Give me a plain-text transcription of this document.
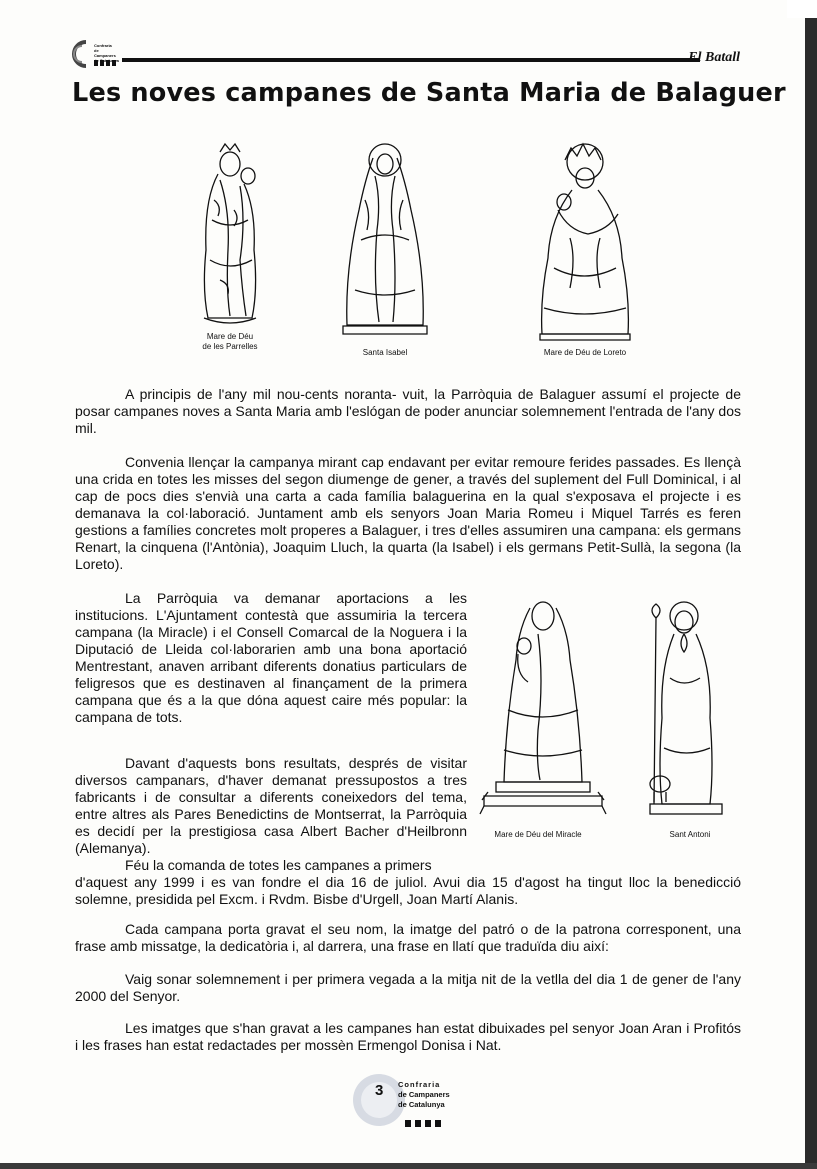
Confraria
de Campaners
de Catalunya	El Batall
Les noves campanes de Santa Maria de Balaguer
Mare de Déu
de les Parrelles
Santa Isabel	Mare de Déu de Loreto
A principis de l'any mil nou-cents noranta- vuit, la Parròquia de Balaguer assumí el projecte de posar campanes noves a Santa Maria amb l'eslógan de poder anunciar solemnement l'entrada de l'any dos mil.
Convenia llençar la campanya mirant cap endavant per evitar remoure ferides passades. Es llençà una crida en totes les misses del segon diumenge de gener, a través del suplement del Full Dominical, i al cap de pocs dies s'envià una carta a cada família balaguerina en la qual s'exposava el projecte i es demanava la col·laboració. Juntament amb els senyors Joan Maria Romeu i Miquel Tarrés es feren gestions a famílies concretes molt properes a Balaguer, i tres d'elles assumiren una campana: els germans Renart, la cinquena (l'Antònia), Joaquim Lluch, la quarta (la Isabel) i els germans Petit-Sullà, la segona (la Loreto).
La Parròquia va demanar aportacions a les institucions. L'Ajuntament contestà que assumiria la tercera campana (la Miracle) i el Consell Comarcal de la Noguera i la Diputació de Lleida col·laborarien amb una bona aportació Mentrestant, anaven arribant diferents donatius particulars de feligresos que es destinaven al finançament de la primera campana que és a la que dóna aquest caire més popular: la campana de tots.
Davant d'aquests bons resultats, després de visitar diversos campanars, d'haver demanat pressupostos a tres fabricants i de consultar a diferents coneixedors del tema, entre altres als Pares Benedictins de Montserrat, la Parròquia es decidí per la prestigiosa casa Albert Bacher d'Heilbronn (Alemanya).
Féu la comanda de totes les campanes a primers
d'aquest any 1999 i es van fondre el dia 16 de juliol. Avui dia 15 d'agost ha tingut lloc la benedicció solemne, presidida pel Excm. i Rvdm. Bisbe d'Urgell, Joan Martí Alanis.
Cada campana porta gravat el seu nom, la imatge del patró o de la patrona corresponent, una frase amb missatge, la dedicatòria i, al darrera, una frase en llatí que traduïda diu així:
Vaig sonar solemnement i per primera vegada a la mitja nit de la vetlla del dia 1 de gener de l'any 2000 del Senyor.
Les imatges que s'han gravat a les campanes han estat dibuixades pel senyor Joan Aran i Profitós i les frases han estat redactades per mossèn Ermengol Donisa i Nat.
Mare de Déu del Miracle	Sant Antoni
3 Confraria
de Campaners
de Catalunya
